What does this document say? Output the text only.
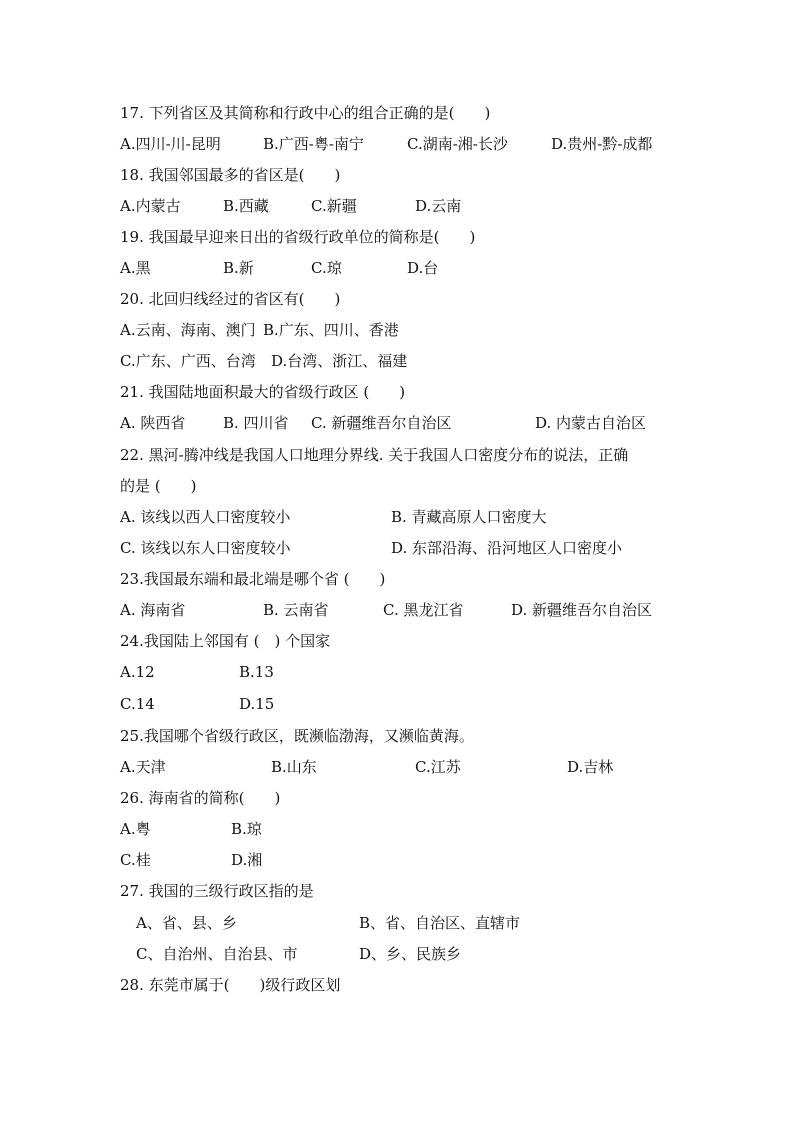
17. 下列省区及其简称和行政中心的组合正确的是(　　)
A.四川-川-昆明	B.广西-粤-南宁	C.湖南-湘-长沙	D.贵州-黔-成都
18. 我国邻国最多的省区是(　　)
A.内蒙古	B.西藏	C.新疆	D.云南
19. 我国最早迎来日出的省级行政单位的简称是(　　)
A.黑	B.新	C.琼	D.台
20. 北回归线经过的省区有(　　)
A.云南、海南、澳门 B.广东、四川、香港
C.广东、广西、台湾 D.台湾、浙江、福建
21. 我国陆地面积最大的省级行政区 (　　)
A. 陕西省	B. 四川省 C. 新疆维吾尔自治区	D. 内蒙古自治区
22. 黑河-腾冲线是我国人口地理分界线. 关于我国人口密度分布的说法，正确
的是 (　　)
A. 该线以西人口密度较小	B. 青藏高原人口密度大
C. 该线以东人口密度较小	D. 东部沿海、沿河地区人口密度小
23.我国最东端和最北端是哪个省 (　　)
A. 海南省	B. 云南省	C. 黑龙江省	D. 新疆维吾尔自治区
24.我国陆上邻国有 (　) 个国家
A.12	B.13
C.14	D.15
25.我国哪个省级行政区，既濒临渤海，又濒临黄海。
A.天津	B.山东	C.江苏	D.吉林
26. 海南省的简称(　　)
A.粤	B.琼
C.桂	D.湘
27. 我国的三级行政区指的是
A、省、县、乡	B、省、自治区、直辖市
C、自治州、自治县、市	D、乡、民族乡
28. 东莞市属于(　　)级行政区划
